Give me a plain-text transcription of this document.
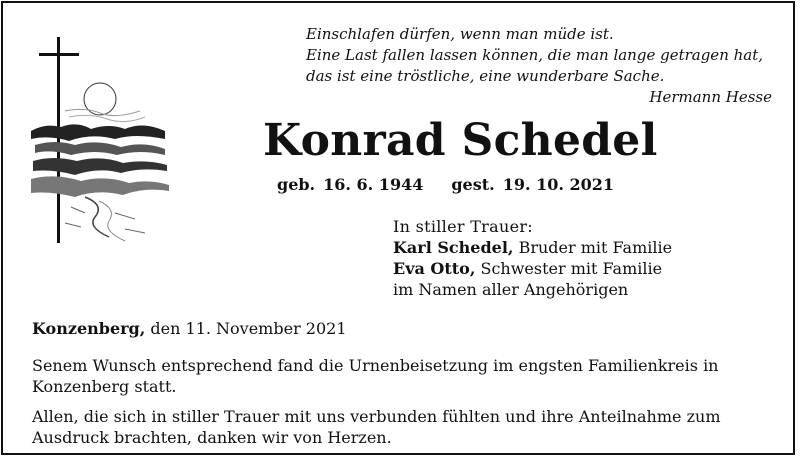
Einschlafen dürfen, wenn man müde ist.
Eine Last fallen lassen können, die man lange getragen hat,
das ist eine tröstliche, eine wunderbare Sache.
Hermann Hesse
Konrad Schedel
geb. 16. 6. 1944 gest. 19. 10. 2021
In stiller Trauer:
Karl Schedel, Bruder mit Familie
Eva Otto, Schwester mit Familie
im Namen aller Angehörigen
Konzenberg, den 11. November 2021

Senem Wunsch entsprechend fand die Urnenbeisetzung im engsten Familienkreis in Konzenberg statt.

Allen, die sich in stiller Trauer mit uns verbunden fühlten und ihre Anteilnahme zum Ausdruck brachten, danken wir von Herzen.
